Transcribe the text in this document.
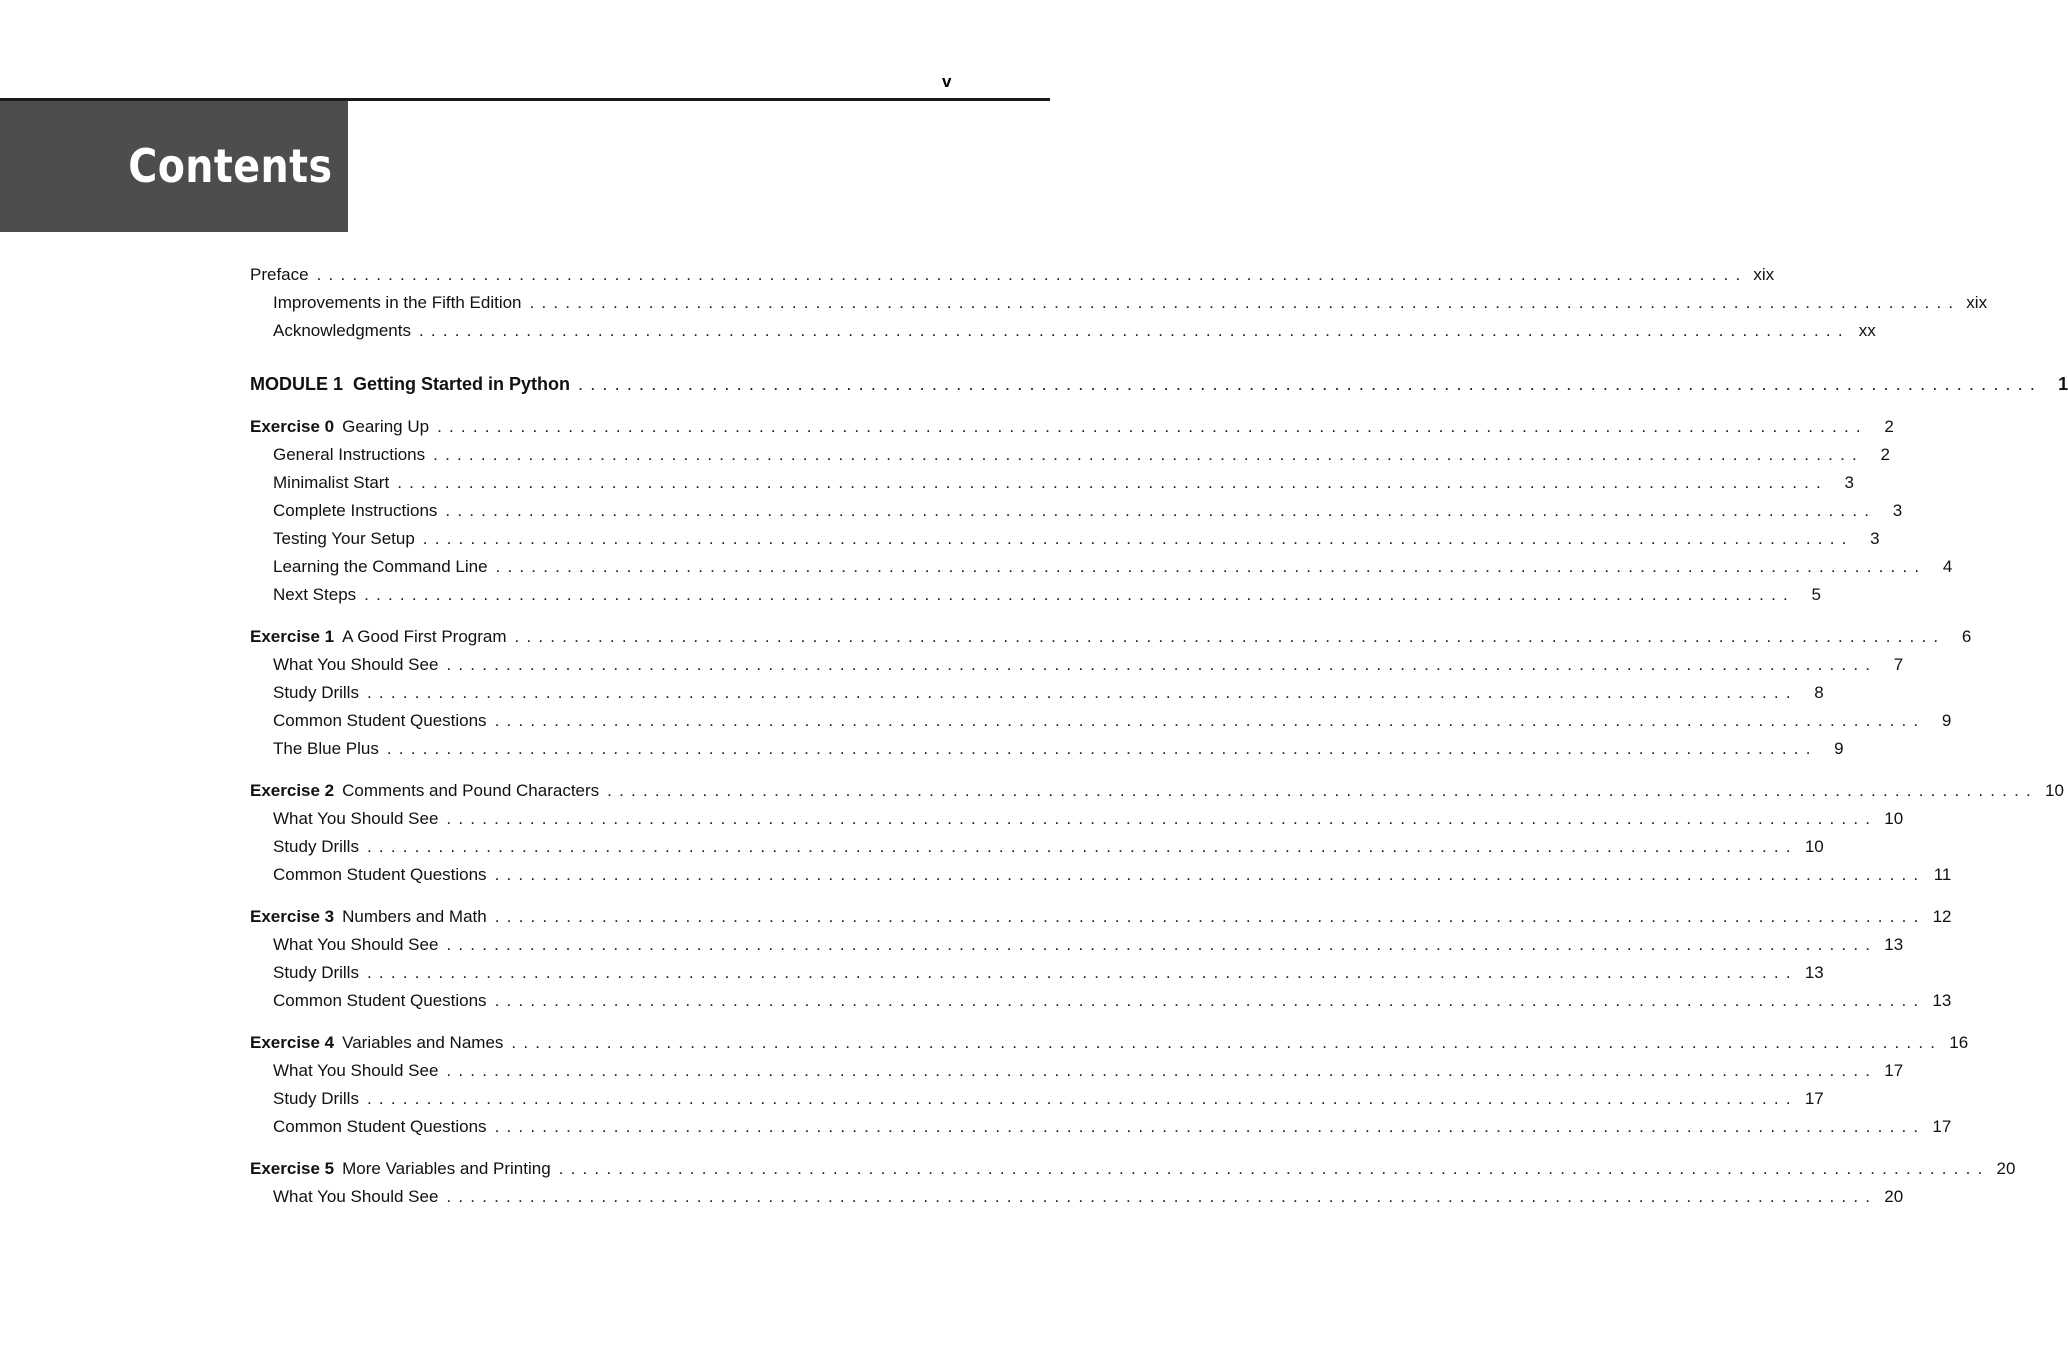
v
Contents
Preface ........................................................................................................................ xix
Improvements in the Fifth Edition ........................................................................................................................ xix
Acknowledgments ........................................................................................................................ xx
MODULE 1  Getting Started in Python ........................................................................................................................ 1
Exercise 0 Gearing Up ........................................................................................................................ 2
General Instructions ........................................................................................................................ 2
Minimalist Start ........................................................................................................................ 3
Complete Instructions ........................................................................................................................ 3
Testing Your Setup ........................................................................................................................ 3
Learning the Command Line ........................................................................................................................ 4
Next Steps ........................................................................................................................ 5
Exercise 1 A Good First Program ........................................................................................................................ 6
What You Should See ........................................................................................................................ 7
Study Drills ........................................................................................................................ 8
Common Student Questions ........................................................................................................................ 9
The Blue Plus ........................................................................................................................ 9
Exercise 2 Comments and Pound Characters ........................................................................................................................ 10
What You Should See ........................................................................................................................ 10
Study Drills ........................................................................................................................ 10
Common Student Questions ........................................................................................................................ 11
Exercise 3 Numbers and Math ........................................................................................................................ 12
What You Should See ........................................................................................................................ 13
Study Drills ........................................................................................................................ 13
Common Student Questions ........................................................................................................................ 13
Exercise 4 Variables and Names ........................................................................................................................ 16
What You Should See ........................................................................................................................ 17
Study Drills ........................................................................................................................ 17
Common Student Questions ........................................................................................................................ 17
Exercise 5 More Variables and Printing ........................................................................................................................ 20
What You Should See ........................................................................................................................ 20
